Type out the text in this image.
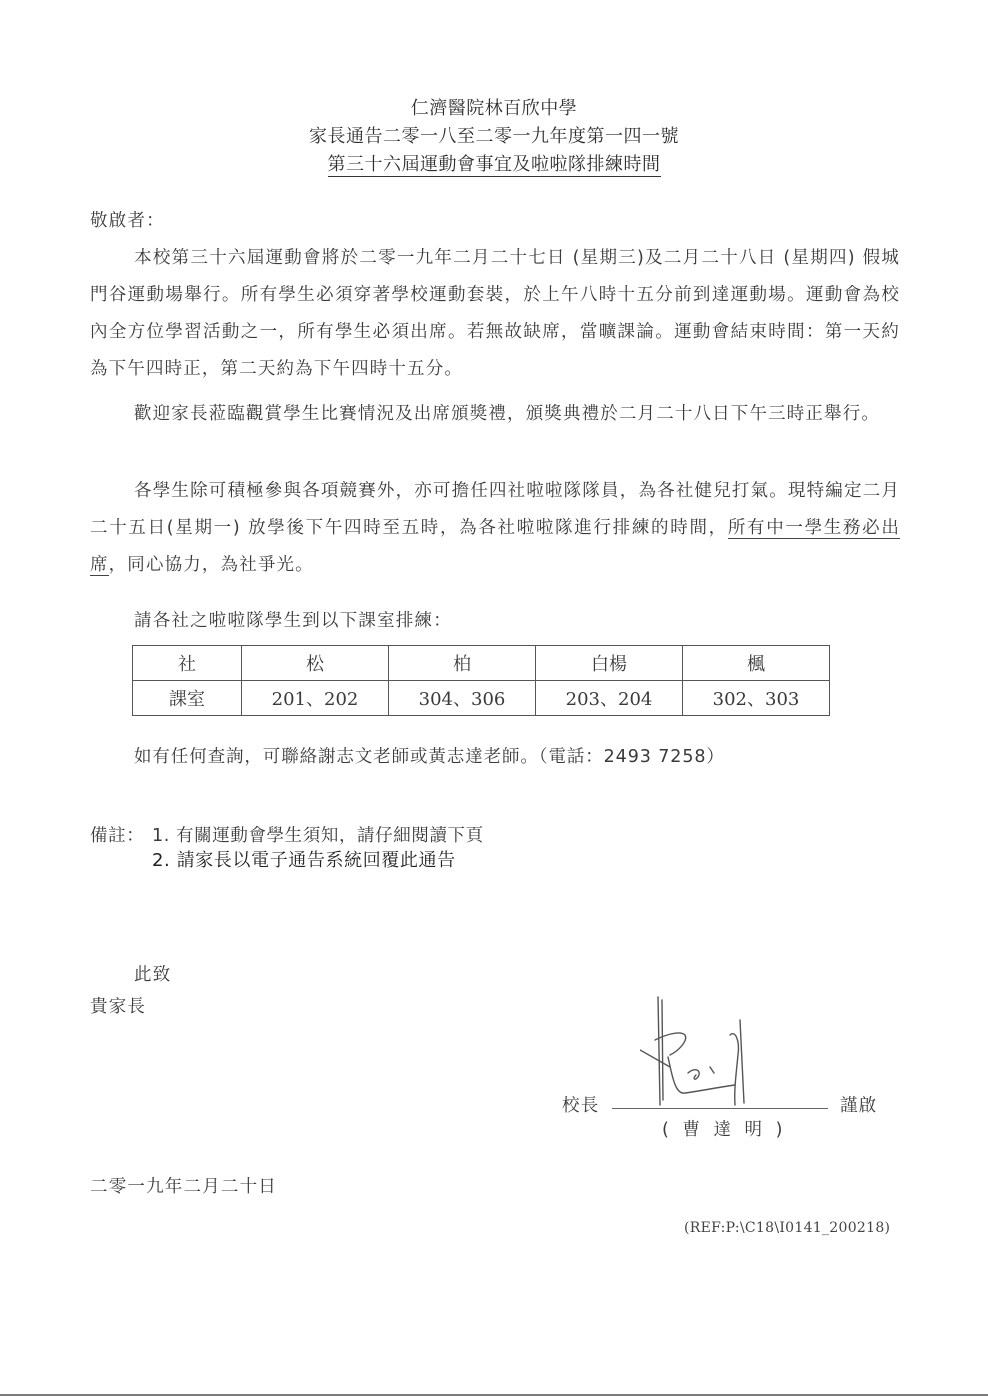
仁濟醫院林百欣中學
家長通告二零一八至二零一九年度第一四一號
第三十六屆運動會事宜及啦啦隊排練時間
敬啟者：
本校第三十六屆運動會將於二零一九年二月二十七日 (星期三)及二月二十八日 (星期四) 假城門谷運動場舉行。所有學生必須穿著學校運動套裝，於上午八時十五分前到達運動場。運動會為校內全方位學習活動之一，所有學生必須出席。若無故缺席，當曠課論。運動會結束時間：第一天約為下午四時正，第二天約為下午四時十五分。
歡迎家長蒞臨觀賞學生比賽情況及出席頒獎禮，頒獎典禮於二月二十八日下午三時正舉行。
各學生除可積極參與各項競賽外，亦可擔任四社啦啦隊隊員，為各社健兒打氣。現特編定二月二十五日(星期一) 放學後下午四時至五時，為各社啦啦隊進行排練的時間，所有中一學生務必出席，同心協力，為社爭光。
請各社之啦啦隊學生到以下課室排練：
社	松	柏	白楊	楓
課室	201、202	304、306	203、204	302、303
如有任何查詢，可聯絡謝志文老師或黃志達老師。（電話：2493 7258）
備註： 1. 有關運動會學生須知，請仔細閱讀下頁
2. 請家長以電子通告系統回覆此通告
此致
貴家長
校長	謹啟
( 曹 達 明 )
二零一九年二月二十日
(REF:P:\C18\I0141_200218)
